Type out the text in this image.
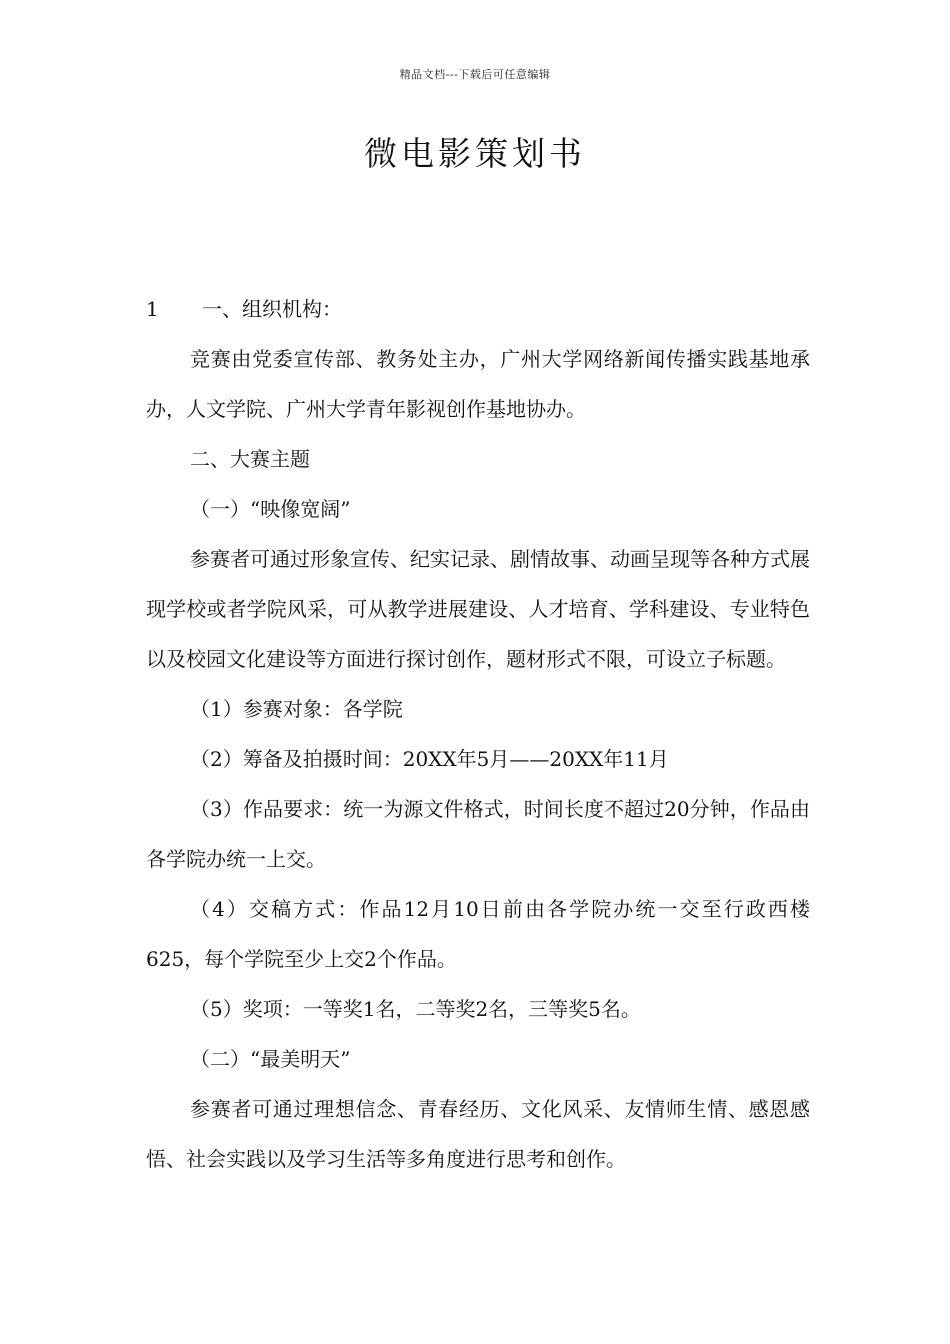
精品文档---下载后可任意编辑
微电影策划书

1	一、组织机构：

竞赛由党委宣传部、教务处主办，广州大学网络新闻传播实践基地承办，人文学院、广州大学青年影视创作基地协办。

二、大赛主题

（一）“映像宽阔”

参赛者可通过形象宣传、纪实记录、剧情故事、动画呈现等各种方式展现学校或者学院风采，可从教学进展建设、人才培育、学科建设、专业特色以及校园文化建设等方面进行探讨创作，题材形式不限，可设立子标题。

（1）参赛对象：各学院

（2）筹备及拍摄时间：20XX年5月——20XX年11月

（3）作品要求：统一为源文件格式，时间长度不超过20分钟，作品由各学院办统一上交。

（4）交稿方式：作品12月10日前由各学院办统一交至行政西楼625，每个学院至少上交2个作品。

（5）奖项：一等奖1名，二等奖2名，三等奖5名。

（二）“最美明天”

参赛者可通过理想信念、青春经历、文化风采、友情师生情、感恩感悟、社会实践以及学习生活等多角度进行思考和创作。
